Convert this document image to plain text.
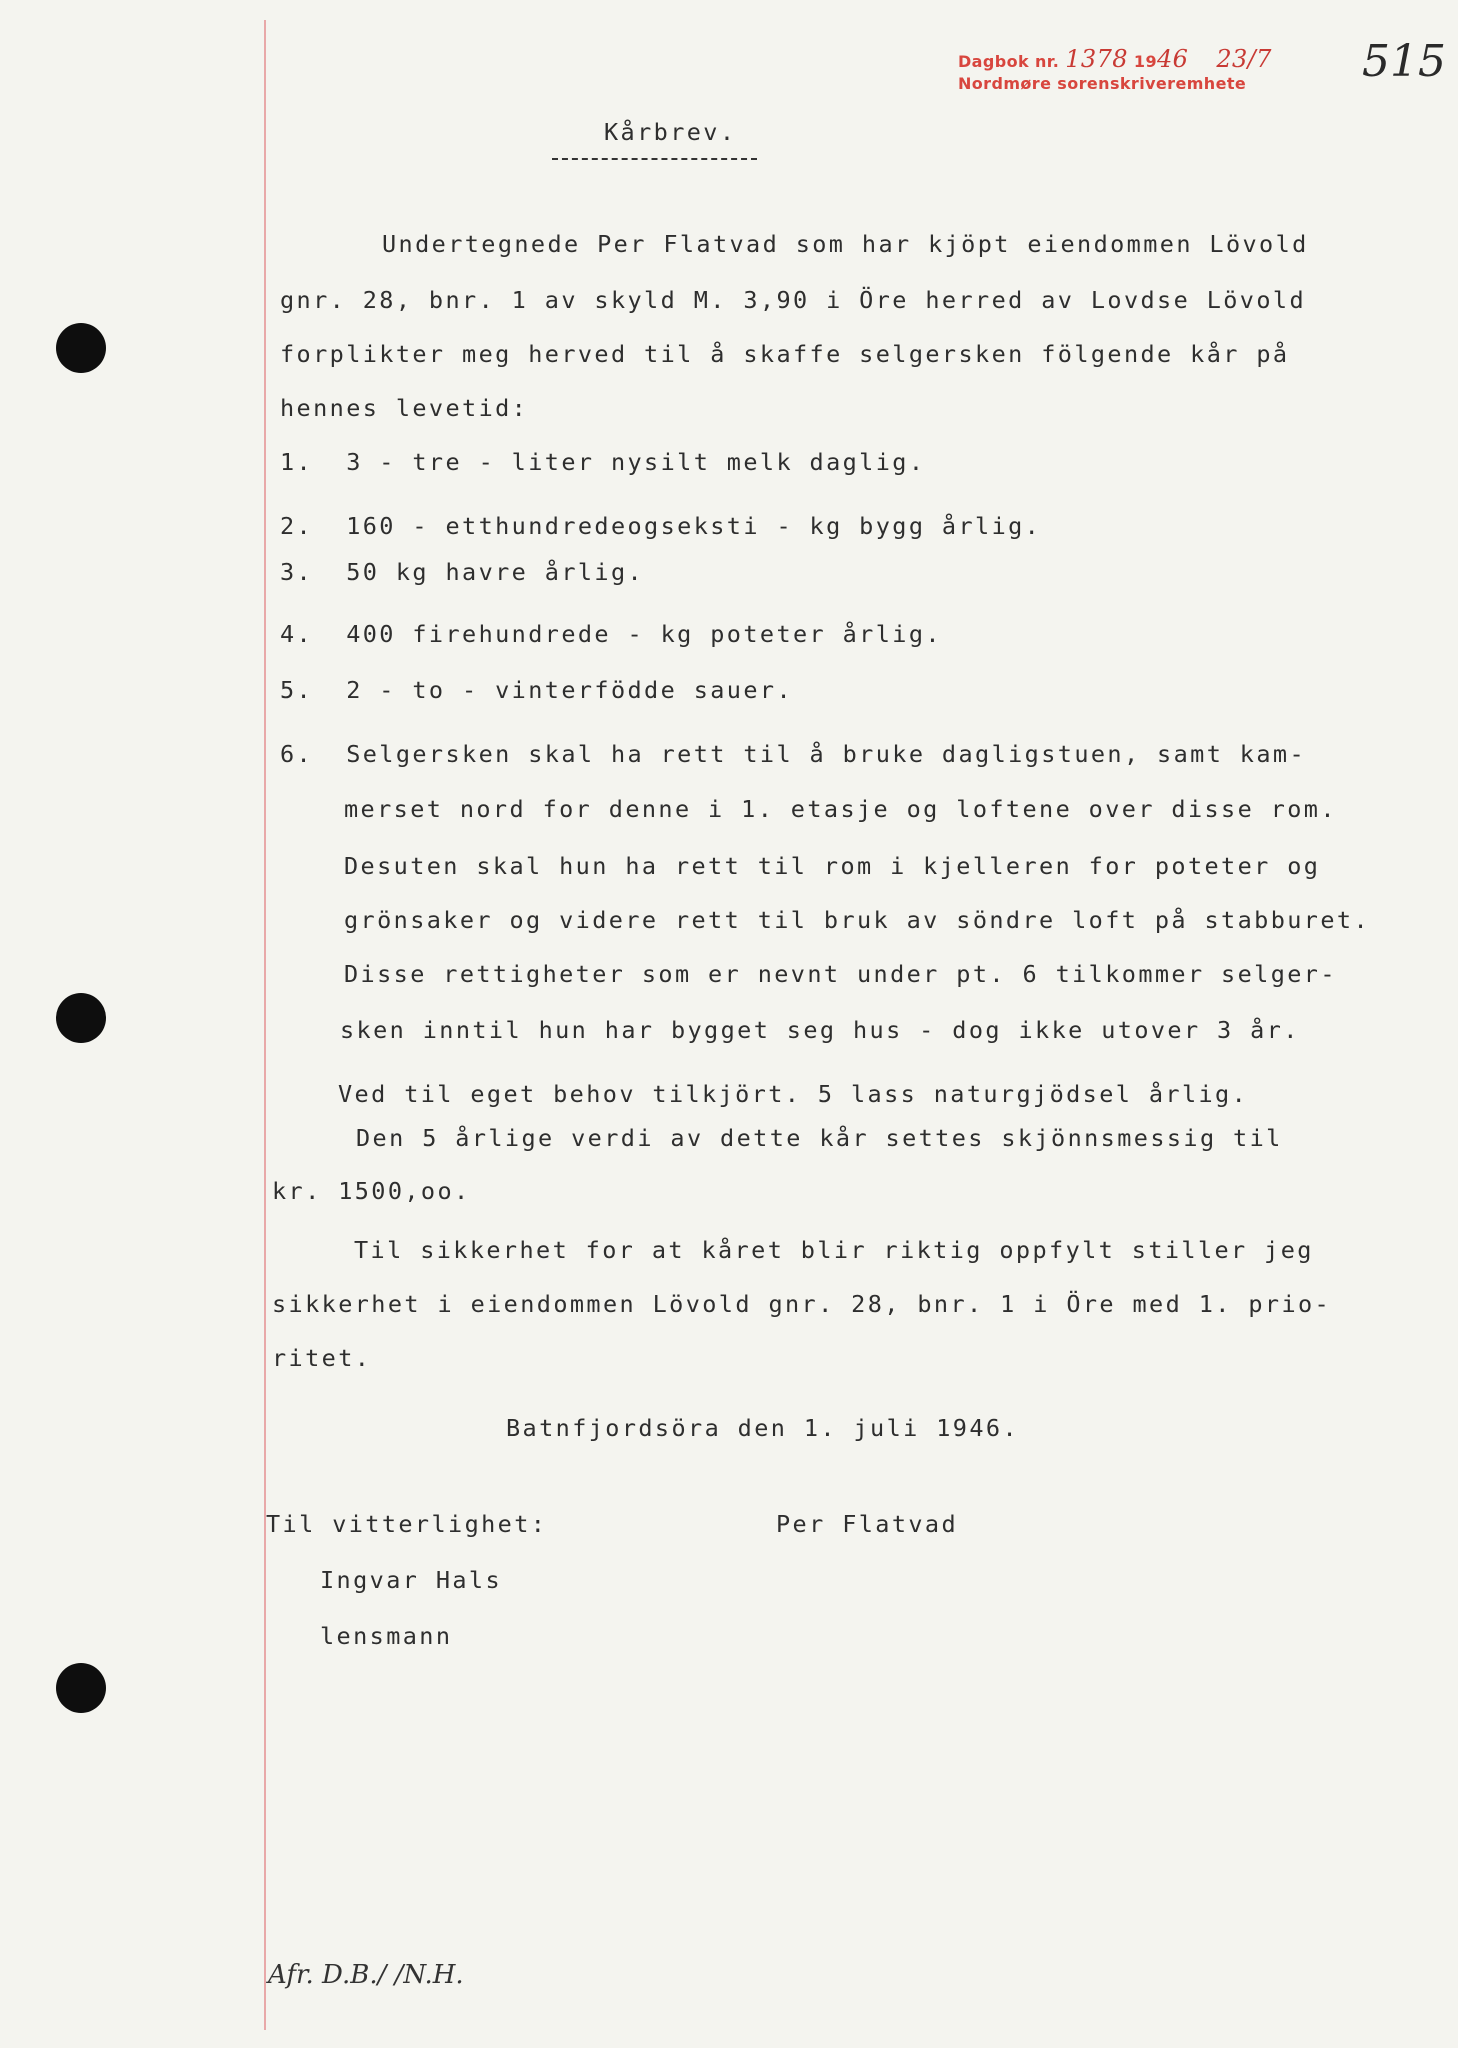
Dagbok nr. 1378 1946 23/7
Nordmøre sorenskriveremhete	515
Kårbrev.
Undertegnede Per Flatvad som har kjöpt eiendommen Lövold
gnr. 28, bnr. 1 av skyld M. 3,90 i Öre herred av Lovdse Lövold
forplikter meg herved til å skaffe selgersken fölgende kår på
hennes levetid:
1.  3 - tre - liter nysilt melk daglig.
2.  160 - etthundredeogseksti - kg bygg årlig.
3.  50 kg havre årlig.
4.  400 firehundrede - kg poteter årlig.
5.  2 - to - vinterfödde sauer.
6.  Selgersken skal ha rett til å bruke dagligstuen, samt kam-
merset nord for denne i 1. etasje og loftene over disse rom.
Desuten skal hun ha rett til rom i kjelleren for poteter og
grönsaker og videre rett til bruk av söndre loft på stabburet.
Disse rettigheter som er nevnt under pt. 6 tilkommer selger-
sken inntil hun har bygget seg hus - dog ikke utover 3 år.
Ved til eget behov tilkjört. 5 lass naturgjödsel årlig.
Den 5 årlige verdi av dette kår settes skjönnsmessig til
kr. 1500,oo.
Til sikkerhet for at kåret blir riktig oppfylt stiller jeg
sikkerhet i eiendommen Lövold gnr. 28, bnr. 1 i Öre med 1. prio-
ritet.
Batnfjordsöra den 1. juli 1946.
Til vitterlighet:	Per Flatvad
Ingvar Hals
lensmann
Afr. D.B./ /N.H.
